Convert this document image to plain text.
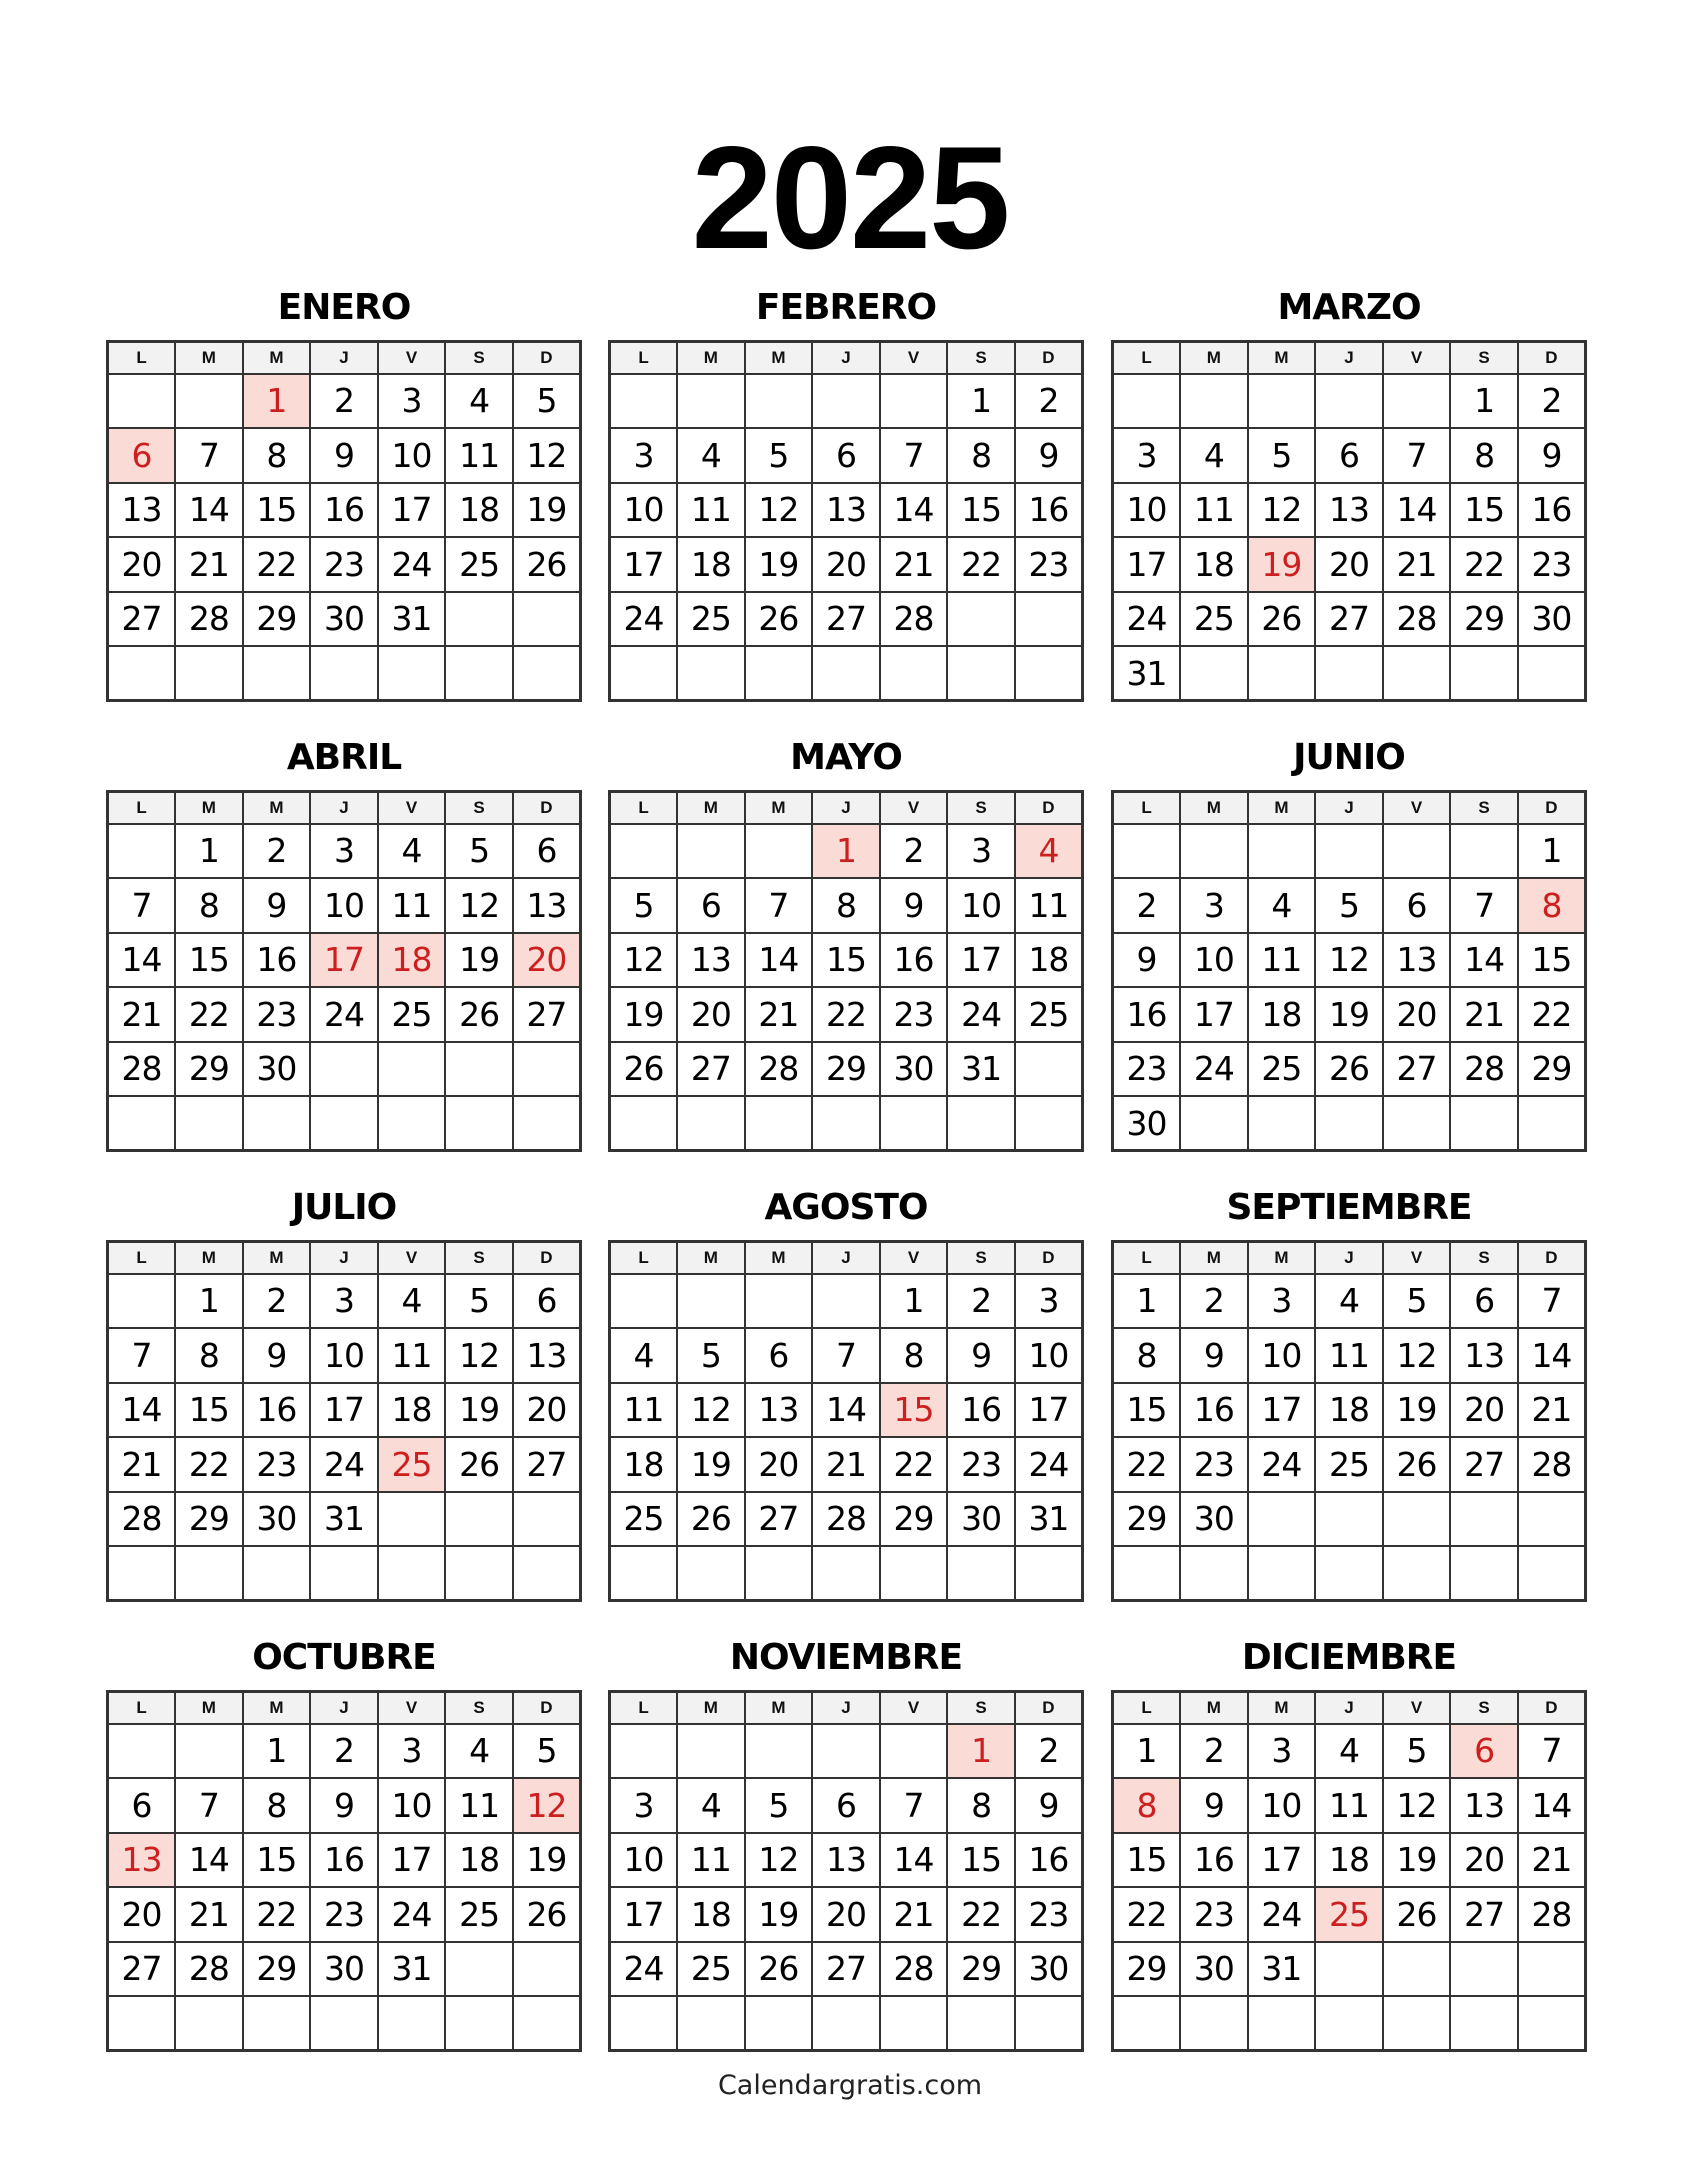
2025
ENERO
L	M	M	J	V	S	D
		1	2	3	4	5
6	7	8	9	10	11	12
13	14	15	16	17	18	19
20	21	22	23	24	25	26
27	28	29	30	31		

FEBRERO
L	M	M	J	V	S	D
					1	2
3	4	5	6	7	8	9
10	11	12	13	14	15	16
17	18	19	20	21	22	23
24	25	26	27	28		

MARZO
L	M	M	J	V	S	D
					1	2
3	4	5	6	7	8	9
10	11	12	13	14	15	16
17	18	19	20	21	22	23
24	25	26	27	28	29	30
31						
ABRIL
L	M	M	J	V	S	D
	1	2	3	4	5	6
7	8	9	10	11	12	13
14	15	16	17	18	19	20
21	22	23	24	25	26	27
28	29	30				

MAYO
L	M	M	J	V	S	D
			1	2	3	4
5	6	7	8	9	10	11
12	13	14	15	16	17	18
19	20	21	22	23	24	25
26	27	28	29	30	31	

JUNIO
L	M	M	J	V	S	D
						1
2	3	4	5	6	7	8
9	10	11	12	13	14	15
16	17	18	19	20	21	22
23	24	25	26	27	28	29
30						
JULIO
L	M	M	J	V	S	D
	1	2	3	4	5	6
7	8	9	10	11	12	13
14	15	16	17	18	19	20
21	22	23	24	25	26	27
28	29	30	31			

AGOSTO
L	M	M	J	V	S	D
				1	2	3
4	5	6	7	8	9	10
11	12	13	14	15	16	17
18	19	20	21	22	23	24
25	26	27	28	29	30	31

SEPTIEMBRE
L	M	M	J	V	S	D
1	2	3	4	5	6	7
8	9	10	11	12	13	14
15	16	17	18	19	20	21
22	23	24	25	26	27	28
29	30					

OCTUBRE
L	M	M	J	V	S	D
		1	2	3	4	5
6	7	8	9	10	11	12
13	14	15	16	17	18	19
20	21	22	23	24	25	26
27	28	29	30	31		

NOVIEMBRE
L	M	M	J	V	S	D
					1	2
3	4	5	6	7	8	9
10	11	12	13	14	15	16
17	18	19	20	21	22	23
24	25	26	27	28	29	30

DICIEMBRE
L	M	M	J	V	S	D
1	2	3	4	5	6	7
8	9	10	11	12	13	14
15	16	17	18	19	20	21
22	23	24	25	26	27	28
29	30	31				

Calendargratis.com
